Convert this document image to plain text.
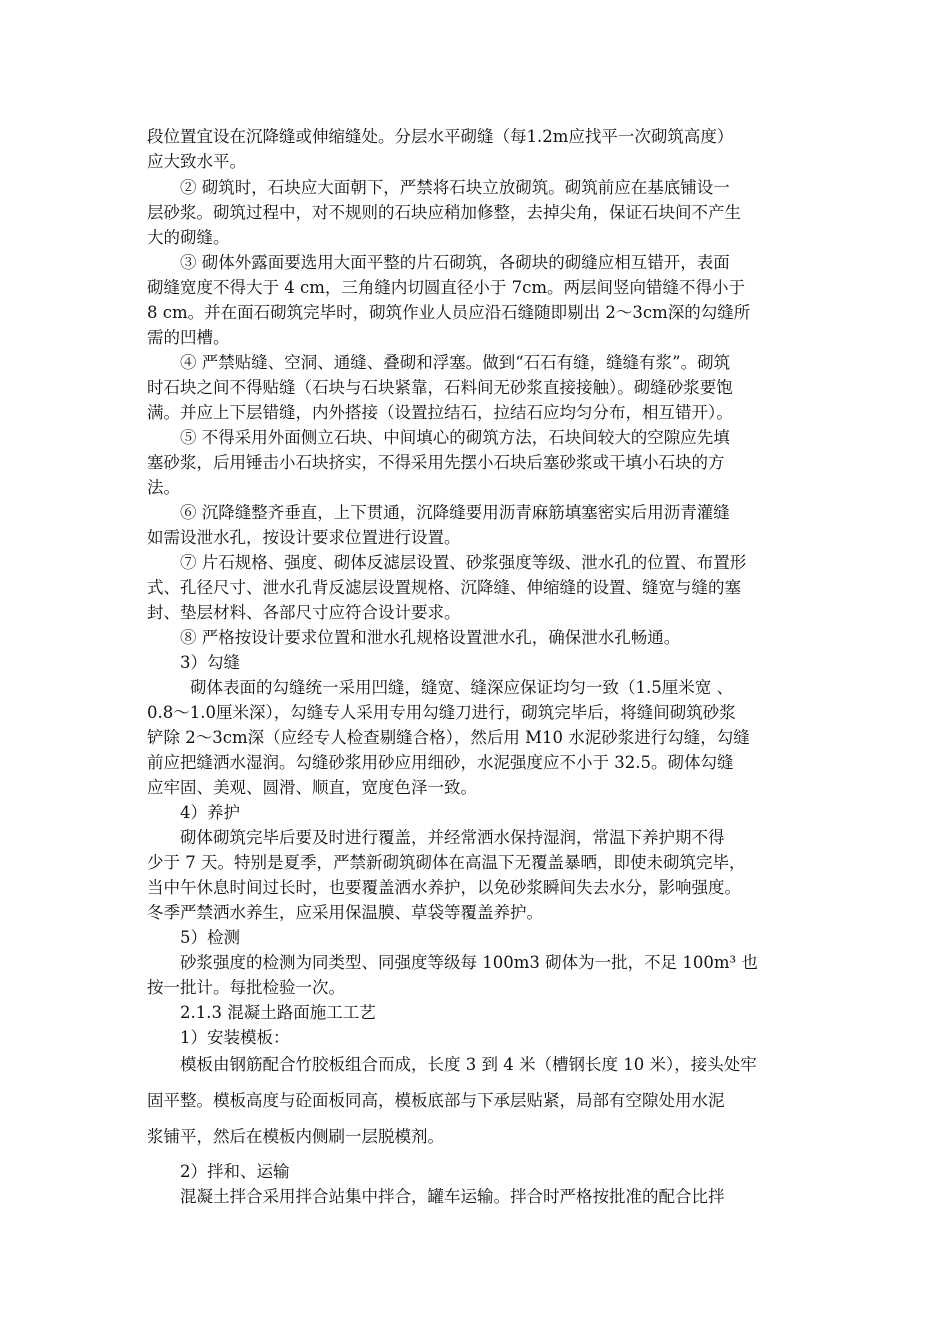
段位置宜设在沉降缝或伸缩缝处。分层水平砌缝（每1.2m应找平一次砌筑高度）
应大致水平。
② 砌筑时，石块应大面朝下，严禁将石块立放砌筑。砌筑前应在基底铺设一
层砂浆。砌筑过程中，对不规则的石块应稍加修整，去掉尖角，保证石块间不产生
大的砌缝。
③ 砌体外露面要选用大面平整的片石砌筑，各砌块的砌缝应相互错开，表面
砌缝宽度不得大于 4 cm，三角缝内切圆直径小于 7cm。两层间竖向错缝不得小于
8 cm。并在面石砌筑完毕时，砌筑作业人员应沿石缝随即剔出 2～3cm深的勾缝所
需的凹槽。
④ 严禁贴缝、空洞、通缝、叠砌和浮塞。做到“石石有缝，缝缝有浆”。砌筑
时石块之间不得贴缝（石块与石块紧靠，石料间无砂浆直接接触）。砌缝砂浆要饱
满。并应上下层错缝，内外搭接（设置拉结石，拉结石应均匀分布，相互错开）。
⑤ 不得采用外面侧立石块、中间填心的砌筑方法，石块间较大的空隙应先填
塞砂浆，后用锤击小石块挤实，不得采用先摆小石块后塞砂浆或干填小石块的方
法。
⑥ 沉降缝整齐垂直，上下贯通，沉降缝要用沥青麻筋填塞密实后用沥青灌缝
如需设泄水孔，按设计要求位置进行设置。
⑦ 片石规格、强度、砌体反滤层设置、砂浆强度等级、泄水孔的位置、布置形
式、孔径尺寸、泄水孔背反滤层设置规格、沉降缝、伸缩缝的设置、缝宽与缝的塞
封、垫层材料、各部尺寸应符合设计要求。
⑧ 严格按设计要求位置和泄水孔规格设置泄水孔，确保泄水孔畅通。
3）勾缝
砌体表面的勾缝统一采用凹缝，缝宽、缝深应保证均匀一致（1.5厘米宽 、
0.8～1.0厘米深），勾缝专人采用专用勾缝刀进行，砌筑完毕后，将缝间砌筑砂浆
铲除 2～3cm深（应经专人检查剔缝合格），然后用 M10 水泥砂浆进行勾缝，勾缝
前应把缝洒水湿润。勾缝砂浆用砂应用细砂，水泥强度应不小于 32.5。砌体勾缝
应牢固、美观、圆滑、顺直，宽度色泽一致。
4）养护
砌体砌筑完毕后要及时进行覆盖，并经常洒水保持湿润，常温下养护期不得
少于 7 天。特别是夏季，严禁新砌筑砌体在高温下无覆盖暴晒，即使未砌筑完毕，
当中午休息时间过长时，也要覆盖洒水养护，以免砂浆瞬间失去水分，影响强度。
冬季严禁洒水养生，应采用保温膜、草袋等覆盖养护。
5）检测
砂浆强度的检测为同类型、同强度等级每 100m3 砌体为一批，不足 100m³ 也
按一批计。每批检验一次。
2.1.3 混凝土路面施工工艺
1）安装模板：
模板由钢筋配合竹胶板组合而成，长度 3 到 4 米（槽钢长度 10 米），接头处牢
固平整。模板高度与砼面板同高，模板底部与下承层贴紧，局部有空隙处用水泥
浆铺平，然后在模板内侧刷一层脱模剂。
2）拌和、运输
混凝土拌合采用拌合站集中拌合，罐车运输。拌合时严格按批准的配合比拌
